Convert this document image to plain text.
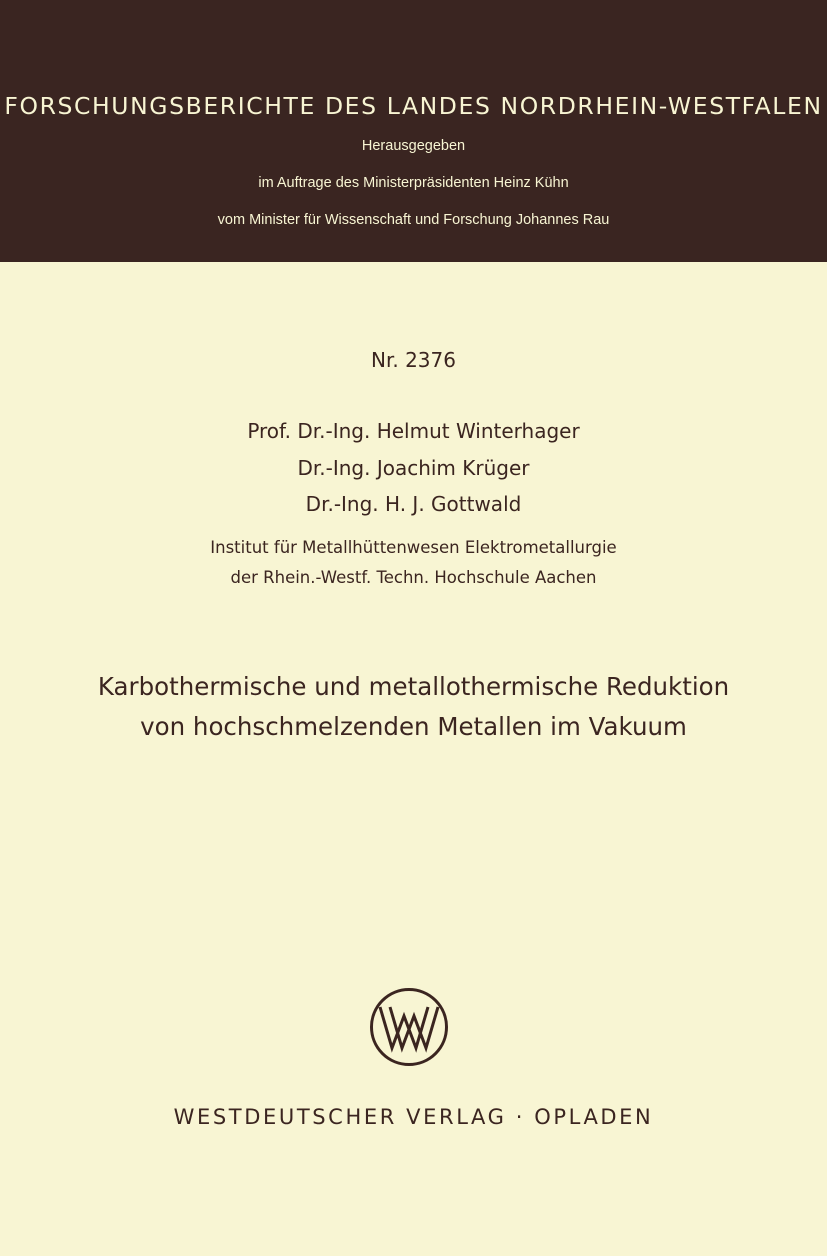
FORSCHUNGSBERICHTE DES LANDES NORDRHEIN-WESTFALEN
Herausgegeben
im Auftrage des Ministerpräsidenten Heinz Kühn
vom Minister für Wissenschaft und Forschung Johannes Rau
Nr. 2376
Prof. Dr.-Ing. Helmut Winterhager
Dr.-Ing. Joachim Krüger
Dr.-Ing. H. J. Gottwald
Institut für Metallhüttenwesen Elektrometallurgie
der Rhein.-Westf. Techn. Hochschule Aachen
Karbothermische und metallothermische Reduktion
von hochschmelzenden Metallen im Vakuum
WESTDEUTSCHER VERLAG · OPLADEN
